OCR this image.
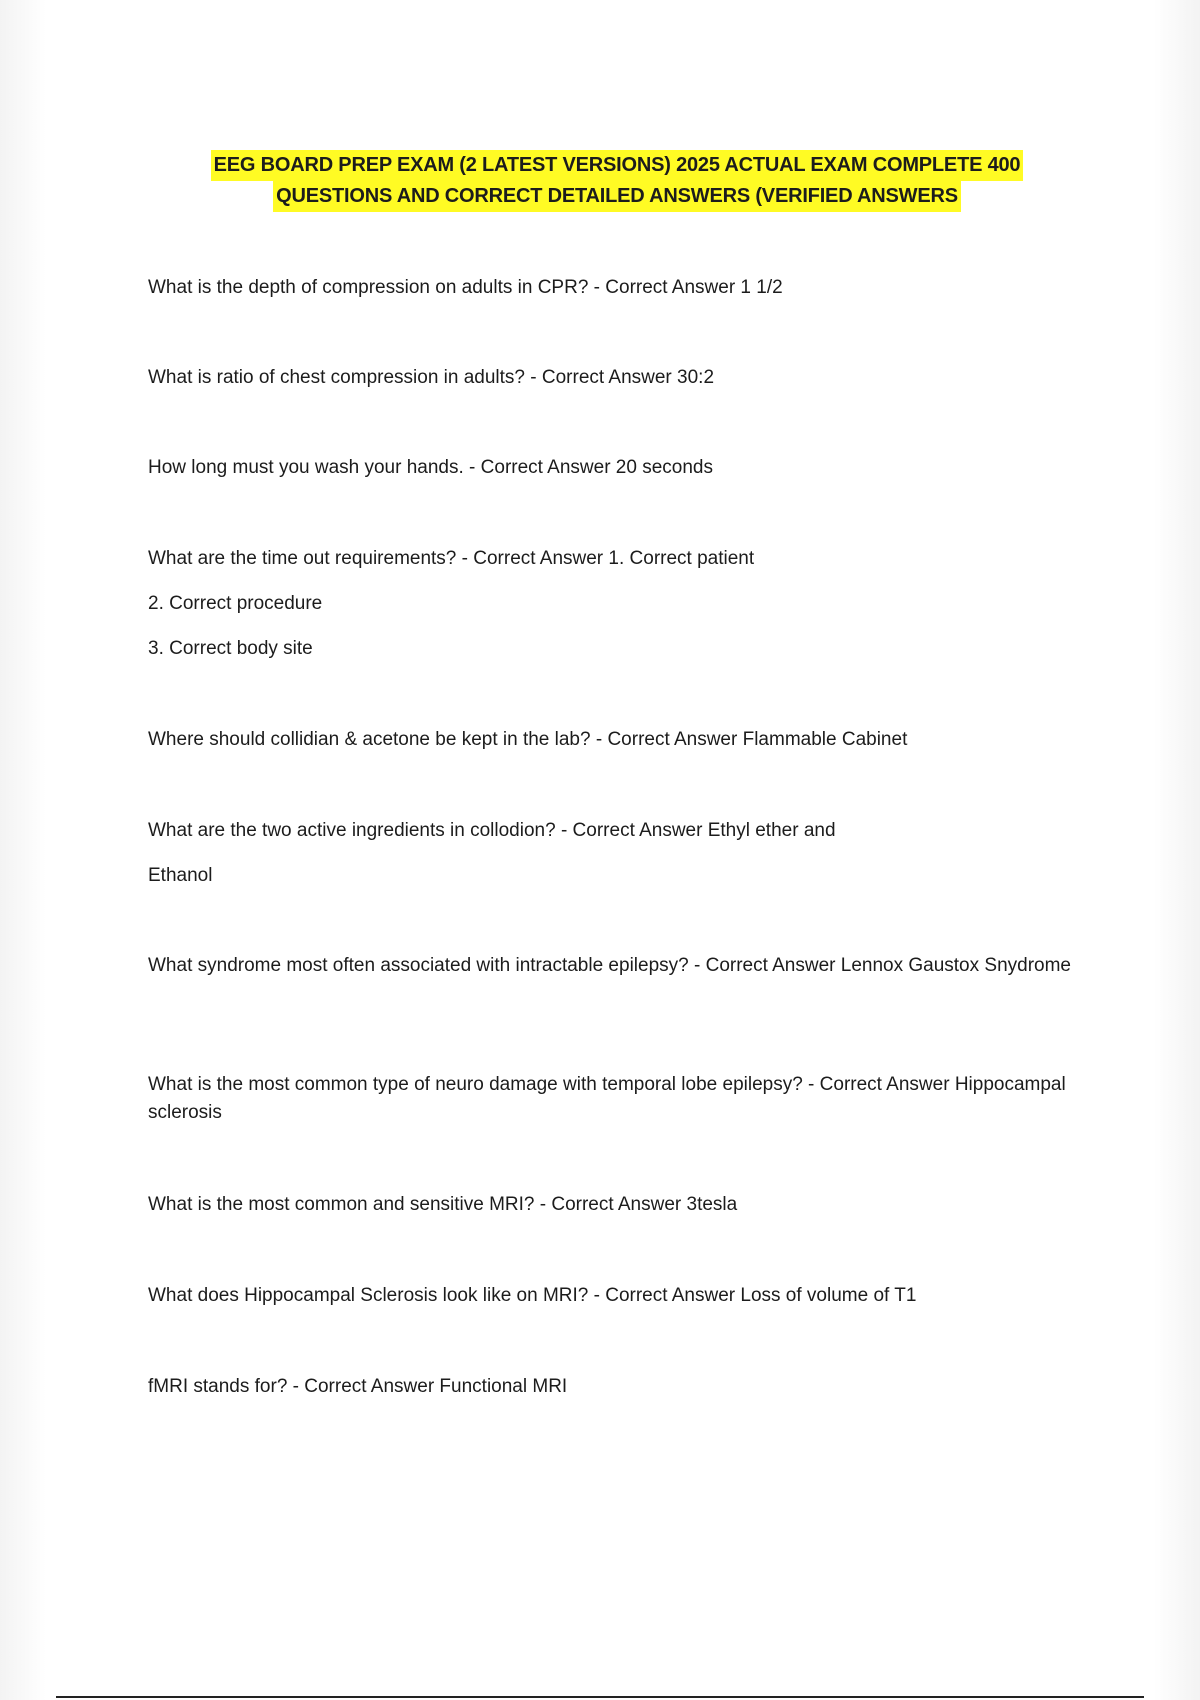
EEG BOARD PREP EXAM (2 LATEST VERSIONS) 2025 ACTUAL EXAM COMPLETE 400
QUESTIONS AND CORRECT DETAILED ANSWERS (VERIFIED ANSWERS
What is the depth of compression on adults in CPR? - Correct Answer 1 1/2
What is ratio of chest compression in adults? - Correct Answer 30:2
How long must you wash your hands. - Correct Answer 20 seconds
What are the time out requirements? - Correct Answer 1. Correct patient
2. Correct procedure
3. Correct body site
Where should collidian & acetone be kept in the lab? - Correct Answer Flammable Cabinet
What are the two active ingredients in collodion? - Correct Answer Ethyl ether and
Ethanol
What syndrome most often associated with intractable epilepsy? - Correct Answer Lennox Gaustox Snydrome
What is the most common type of neuro damage with temporal lobe epilepsy? - Correct Answer Hippocampal sclerosis
What is the most common and sensitive MRI? - Correct Answer 3tesla
What does Hippocampal Sclerosis look like on MRI? - Correct Answer Loss of volume of T1
fMRI stands for? - Correct Answer Functional MRI
